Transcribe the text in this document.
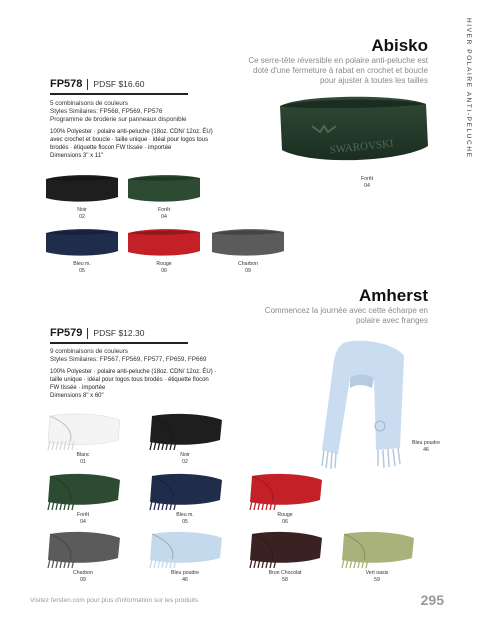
HIVER POLAIRE ANTI-PELUCHE
Abisko
Ce serre-tête réversible en polaire anti-peluche est
doté d'une fermeture à rabat en crochet et boucle
pour ajuster à toutes les tailles
FP578 PDSF $16.60
5 combinaisons de couleurs
Styles Similaires: FP568, FP569, FP576
Programme de broderie sur panneaux disponible
100% Polyester · polaire anti-peluche (18oz. CDN/ 12oz. ÉU)
avec crochet et boucle · taille unique · idéal pour logos tous
brodés · étiquette flocon FW tissée · importée
Dimensions 3" x 11"	SWAROVSKI
Forêt
04
Noir
02
Forêt
04
Bleu m.
05
Rouge
06
Charbon
09
Amherst
Commencez la journée avec cette écharpe en
polaire avec franges
FP579 PDSF $12.30
9 combinaisons de couleurs
Styles Similaires: FP567, FP569, FP577, FP659, FP669
100% Polyester · polaire anti-peluche (18oz. CDN/ 12oz. ÉU) ·
taille unique · idéal pour logos tous brodés · étiquette flocon
FW tissée · importée
Dimensions 8" x 60"
Bleu poudre
46
Blanc
01
Noir
02
Forêt
04
Bleu m.
05
Rouge
06
Charbon
09
Bleu poudre
46
Brun Chocolat
58
Vert oasis
59
Visitez fersten.com pour plus d'information sur les produits	295
